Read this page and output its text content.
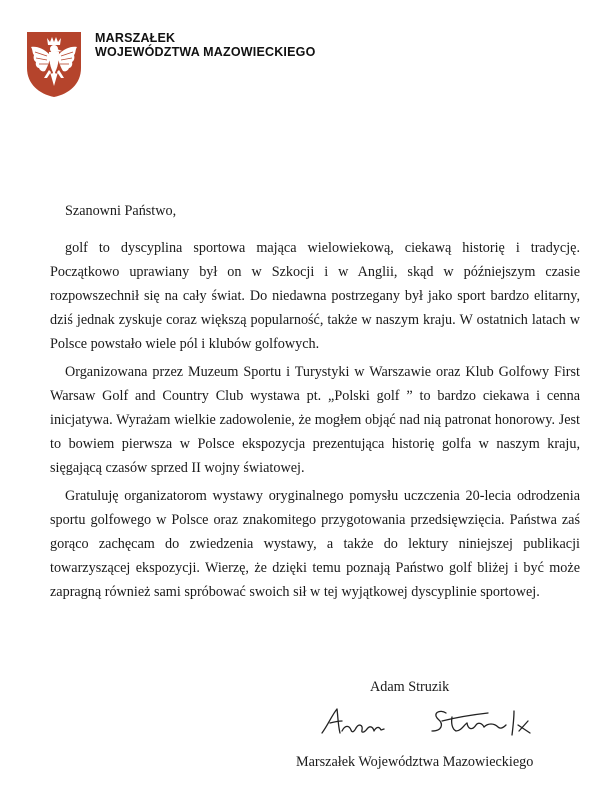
MARSZAŁEK
WOJEWÓDZTWA MAZOWIECKIEGO
Szanowni Państwo,

golf to dyscyplina sportowa mająca wielowiekową, ciekawą historię i tradycję. Początkowo uprawiany był on w Szkocji i w Anglii, skąd w późniejszym czasie rozpowszechnił się na cały świat. Do niedawna postrzegany był jako sport bardzo elitarny, dziś jednak zyskuje coraz większą popularność, także w naszym kraju. W ostatnich latach w Polsce powstało wiele pól i klubów golfowych.

Organizowana przez Muzeum Sportu i Turystyki w Warszawie oraz Klub Golfowy First Warsaw Golf and Country Club wystawa pt. „Polski golf ” to bardzo ciekawa i cenna inicjatywa. Wyrażam wielkie zadowolenie, że mogłem objąć nad nią patronat honorowy. Jest to bowiem pierwsza w Polsce ekspozycja prezentująca historię golfa w naszym kraju, sięgającą czasów sprzed II wojny światowej.

Gratuluję organizatorom wystawy oryginalnego pomysłu uczczenia 20-lecia odrodzenia sportu golfowego w Polsce oraz znakomitego przygotowania przedsięwzięcia. Państwa zaś gorąco zachęcam do zwiedzenia wystawy, a także do lektury niniejszej publikacji towarzyszącej ekspozycji. Wierzę, że dzięki temu poznają Państwo golf bliżej i być może zapragną również sami spróbować swoich sił w tej wyjątkowej dyscyplinie sportowej.

Adam Struzik
Marszałek Województwa Mazowieckiego
